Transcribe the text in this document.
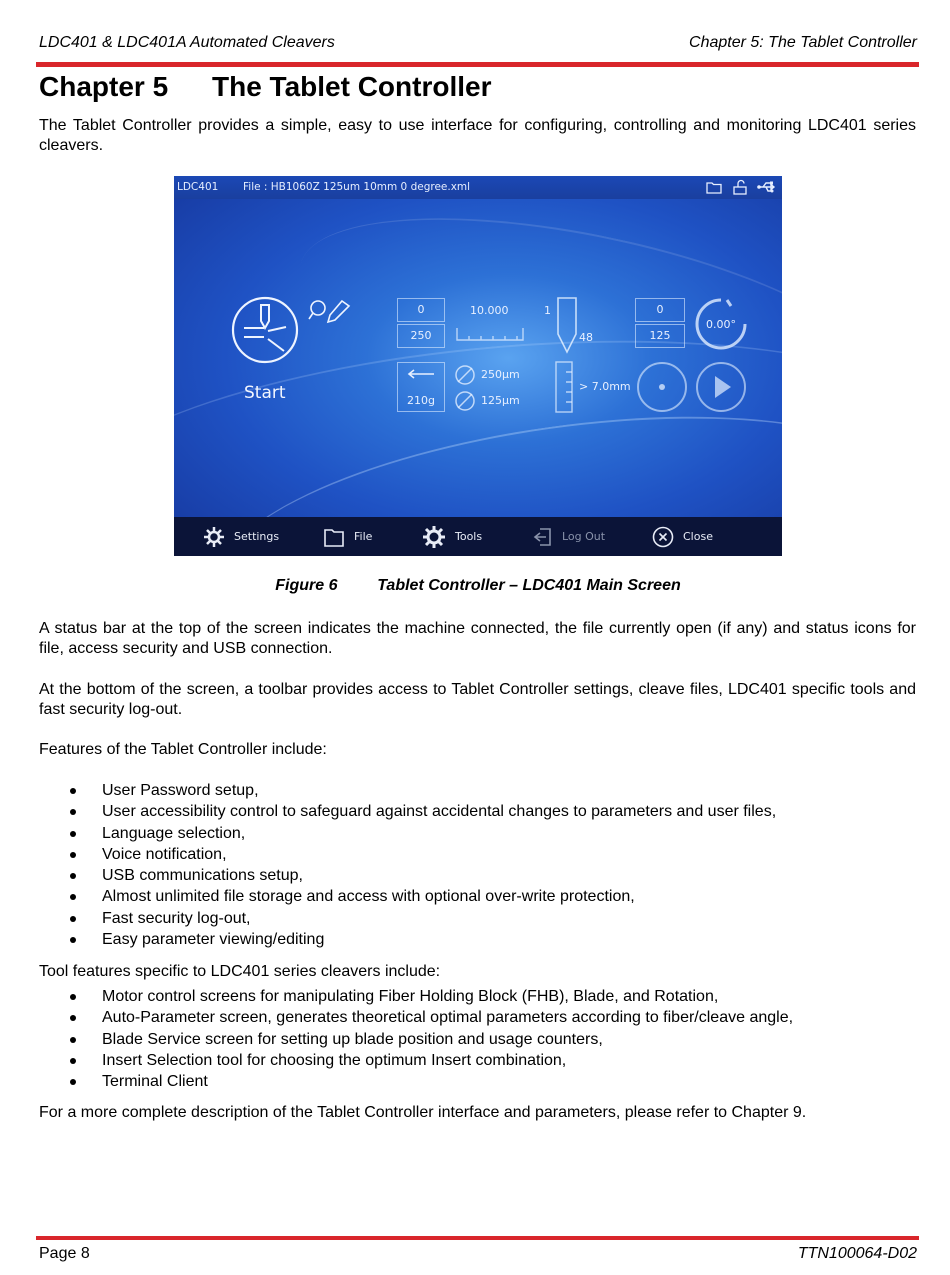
LDC401 & LDC401A Automated Cleavers	Chapter 5: The Tablet Controller
Chapter 5 The Tablet Controller

The Tablet Controller provides a simple, easy to use interface for configuring, controlling and monitoring LDC401 series cleavers.

LDC401 File : HB1060Z 125um 10mm 0 degree.xml
Start
0
250
10.000	1
48
0
125
0.00°
210g
250µm
125µm
> 7.0mm
Settings	File	Tools	Log Out	Close

Figure 6 Tablet Controller – LDC401 Main Screen

A status bar at the top of the screen indicates the machine connected, the file currently open (if any) and status icons for file, access security and USB connection.

At the bottom of the screen, a toolbar provides access to Tablet Controller settings, cleave files, LDC401 specific tools and fast security log-out.

Features of the Tablet Controller include:

User Password setup,
User accessibility control to safeguard against accidental changes to parameters and user files,
Language selection,
Voice notification,
USB communications setup,
Almost unlimited file storage and access with optional over-write protection,
Fast security log-out,
Easy parameter viewing/editing

Tool features specific to LDC401 series cleavers include:

Motor control screens for manipulating Fiber Holding Block (FHB), Blade, and Rotation,
Auto-Parameter screen, generates theoretical optimal parameters according to fiber/cleave angle,
Blade Service screen for setting up blade position and usage counters,
Insert Selection tool for choosing the optimum Insert combination,
Terminal Client

For a more complete description of the Tablet Controller interface and parameters, please refer to Chapter 9.

Page 8	TTN100064-D02
